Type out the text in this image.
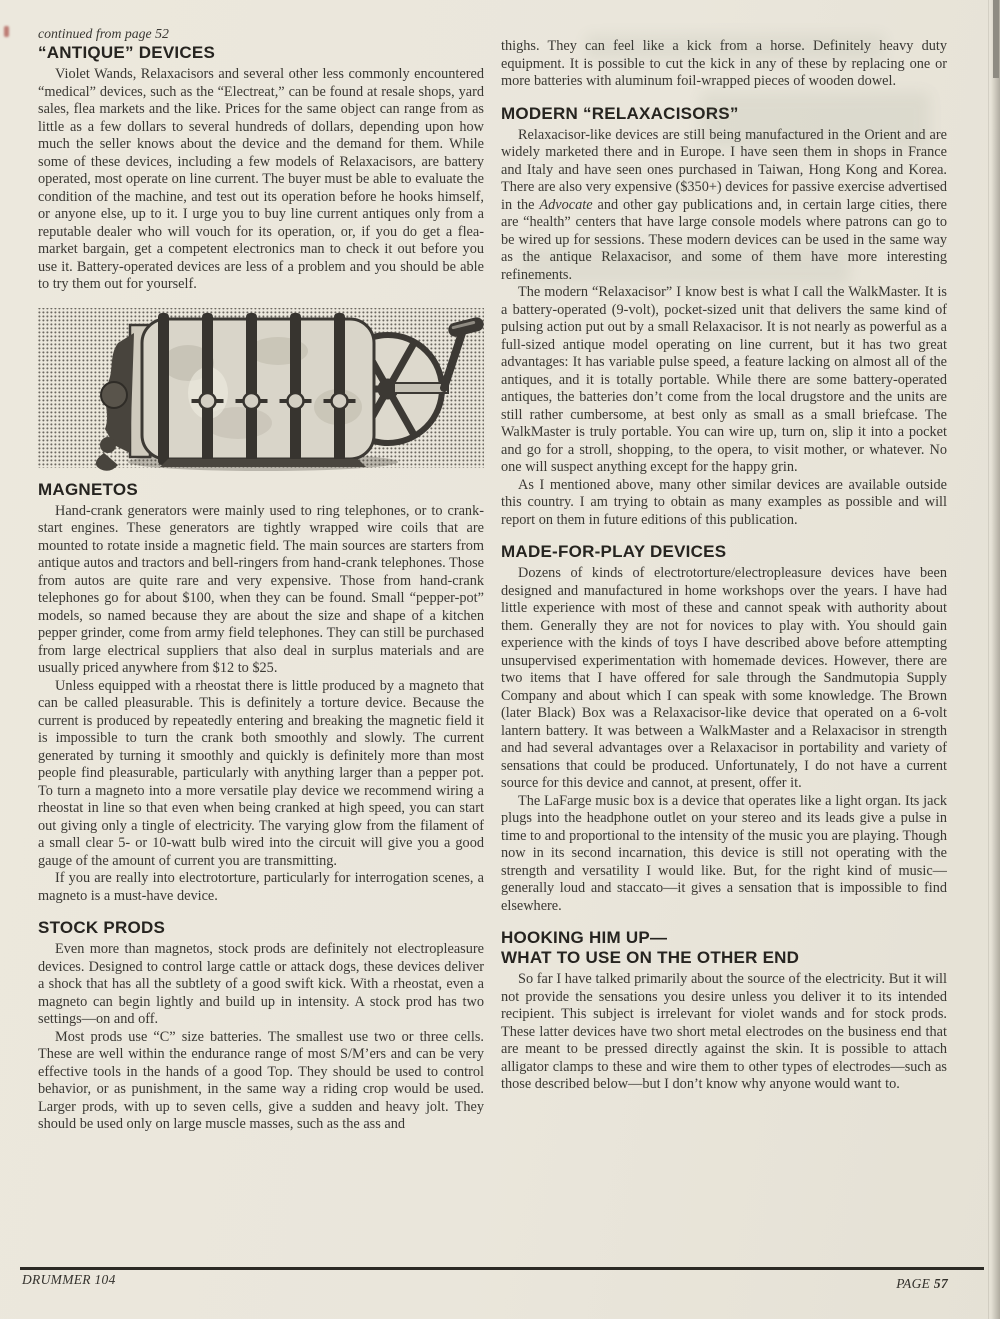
continued from page 52

“ANTIQUE” DEVICES

Violet Wands, Relaxacisors and several other less commonly encountered “medical” devices, such as the “Electreat,” can be found at resale shops, yard sales, flea markets and the like. Prices for the same object can range from as little as a few dollars to several hundreds of dollars, depending upon how much the seller knows about the device and the demand for them. While some of these devices, including a few models of Relaxacisors, are battery operated, most operate on line current. The buyer must be able to evaluate the condition of the machine, and test out its operation before he hooks himself, or anyone else, up to it. I urge you to buy line current antiques only from a reputable dealer who will vouch for its operation, or, if you do get a flea-market bargain, get a competent electronics man to check it out before you use it. Battery-operated devices are less of a problem and you should be able to try them out for yourself.

MAGNETOS

Hand-crank generators were mainly used to ring telephones, or to crank-start engines. These generators are tightly wrapped wire coils that are mounted to rotate inside a magnetic field. The main sources are starters from antique autos and tractors and bell-ringers from hand-crank telephones. Those from autos are quite rare and very expensive. Those from hand-crank telephones go for about $100, when they can be found. Small “pepper-pot” models, so named because they are about the size and shape of a kitchen pepper grinder, come from army field telephones. They can still be purchased from large electrical suppliers that also deal in surplus materials and are usually priced anywhere from $12 to $25.

Unless equipped with a rheostat there is little produced by a magneto that can be called pleasurable. This is definitely a torture device. Because the current is produced by repeatedly entering and breaking the magnetic field it is impossible to turn the crank both smoothly and slowly. The current generated by turning it smoothly and quickly is definitely more than most people find pleasurable, particularly with anything larger than a pepper pot. To turn a magneto into a more versatile play device we recommend wiring a rheostat in line so that even when being cranked at high speed, you can start out giving only a tingle of electricity. The varying glow from the filament of a small clear 5- or 10-watt bulb wired into the circuit will give you a good gauge of the amount of current you are transmitting.

If you are really into electrotorture, particularly for interrogation scenes, a magneto is a must-have device.

STOCK PRODS

Even more than magnetos, stock prods are definitely not electropleasure devices. Designed to control large cattle or attack dogs, these devices deliver a shock that has all the subtlety of a good swift kick. With a rheostat, even a magneto can begin lightly and build up in intensity. A stock prod has two settings—on and off.

Most prods use “C” size batteries. The smallest use two or three cells. These are well within the endurance range of most S/M’ers and can be very effective tools in the hands of a good Top. They should be used to control behavior, or as punishment, in the same way a riding crop would be used. Larger prods, with up to seven cells, give a sudden and heavy jolt. They should be used only on large muscle masses, such as the ass and

thighs. They can feel like a kick from a horse. Definitely heavy duty equipment. It is possible to cut the kick in any of these by replacing one or more batteries with aluminum foil-wrapped pieces of wooden dowel.

MODERN “RELAXACISORS”

Relaxacisor-like devices are still being manufactured in the Orient and are widely marketed there and in Europe. I have seen them in shops in France and Italy and have seen ones purchased in Taiwan, Hong Kong and Korea. There are also very expensive ($350+) devices for passive exercise advertised in the Advocate and other gay publications and, in certain large cities, there are “health” centers that have large console models where patrons can go to be wired up for sessions. These modern devices can be used in the same way as the antique Relaxacisor, and some of them have more interesting refinements.

The modern “Relaxacisor” I know best is what I call the WalkMaster. It is a battery-operated (9-volt), pocket-sized unit that delivers the same kind of pulsing action put out by a small Relaxacisor. It is not nearly as powerful as a full-sized antique model operating on line current, but it has two great advantages: It has variable pulse speed, a feature lacking on almost all of the antiques, and it is totally portable. While there are some battery-operated antiques, the batteries don’t come from the local drugstore and the units are still rather cumbersome, at best only as small as a small briefcase. The WalkMaster is truly portable. You can wire up, turn on, slip it into a pocket and go for a stroll, shopping, to the opera, to visit mother, or whatever. No one will suspect anything except for the happy grin.

As I mentioned above, many other similar devices are available outside this country. I am trying to obtain as many examples as possible and will report on them in future editions of this publication.

MADE-FOR-PLAY DEVICES

Dozens of kinds of electrotorture/electropleasure devices have been designed and manufactured in home workshops over the years. I have had little experience with most of these and cannot speak with authority about them. Generally they are not for novices to play with. You should gain experience with the kinds of toys I have described above before attempting unsupervised experimentation with homemade devices. However, there are two items that I have offered for sale through the Sandmutopia Supply Company and about which I can speak with some knowledge. The Brown (later Black) Box was a Relaxacisor-like device that operated on a 6-volt lantern battery. It was between a WalkMaster and a Relaxacisor in strength and had several advantages over a Relaxacisor in portability and variety of sensations that could be produced. Unfortunately, I do not have a current source for this device and cannot, at present, offer it.

The LaFarge music box is a device that operates like a light organ. Its jack plugs into the headphone outlet on your stereo and its leads give a pulse in time to and proportional to the intensity of the music you are playing. Though now in its second incarnation, this device is still not operating with the strength and versatility I would like. But, for the right kind of music—generally loud and staccato—it gives a sensation that is impossible to find elsewhere.

HOOKING HIM UP—
WHAT TO USE ON THE OTHER END

So far I have talked primarily about the source of the electricity. But it will not provide the sensations you desire unless you deliver it to its intended recipient. This subject is irrelevant for violet wands and for stock prods. These latter devices have two short metal electrodes on the business end that are meant to be pressed directly against the skin. It is possible to attach alligator clamps to these and wire them to other types of electrodes—such as those described below—but I don’t know why anyone would want to.

DRUMMER 104	PAGE 57
